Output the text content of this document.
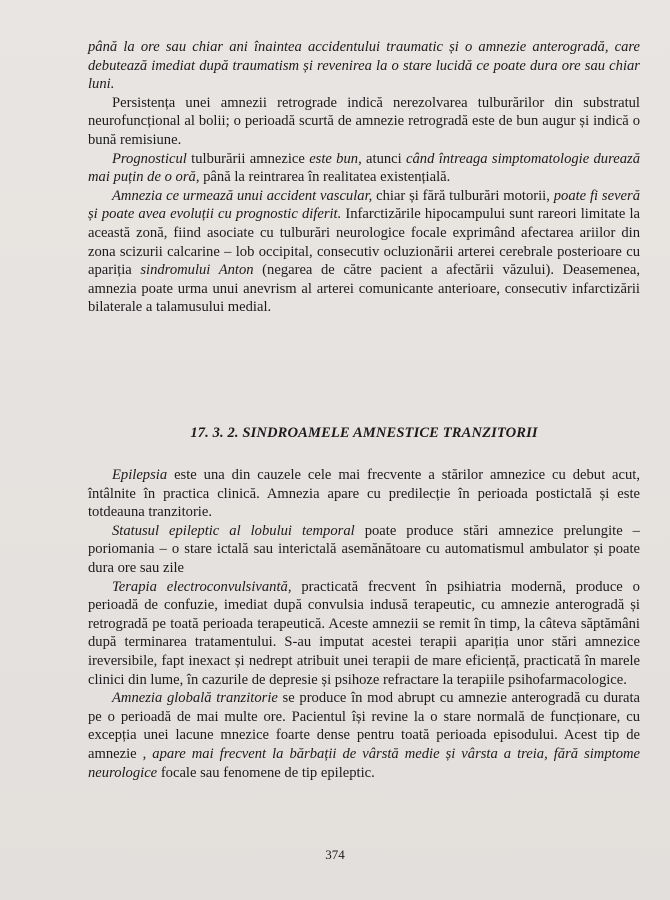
până la ore sau chiar ani înaintea accidentului traumatic și o amnezie anterogradă, care debutează imediat după traumatism și revenirea la o stare lucidă ce poate dura ore sau chiar luni.

Persistența unei amnezii retrograde indică nerezolvarea tulburărilor din substratul neurofuncțional al bolii; o perioadă scurtă de amnezie retrogradă este de bun augur și indică o bună remisiune.

Prognosticul tulburării amnezice este bun, atunci când întreaga simptomatologie durează mai puțin de o oră, până la reintrarea în realitatea existențială.

Amnezia ce urmează unui accident vascular, chiar și fără tulburări motorii, poate fi severă și poate avea evoluții cu prognostic diferit. Infarctizările hipocampului sunt rareori limitate la această zonă, fiind asociate cu tulburări neurologice focale exprimând afectarea ariilor din zona scizurii calcarine – lob occipital, consecutiv ocluzionării arterei cerebrale posterioare cu apariția sindromului Anton (negarea de către pacient a afectării văzului). Deasemenea, amnezia poate urma unui anevrism al arterei comunicante anterioare, consecutiv infarctizării bilaterale a talamusului medial.

17. 3. 2. SINDROAMELE AMNESTICE TRANZITORII

Epilepsia este una din cauzele cele mai frecvente a stărilor amnezice cu debut acut, întâlnite în practica clinică. Amnezia apare cu predilecție în perioada postictală și este totdeauna tranzitorie.

Statusul epileptic al lobului temporal poate produce stări amnezice prelungite – poriomania – o stare ictală sau interictală asemănătoare cu automatismul ambulator și poate dura ore sau zile

Terapia electroconvulsivantă, practicată frecvent în psihiatria modernă, produce o perioadă de confuzie, imediat după convulsia indusă terapeutic, cu amnezie anterogradă și retrogradă pe toată perioada terapeutică. Aceste amnezii se remit în timp, la câteva săptămâni după terminarea tratamentului. S-au imputat acestei terapii apariția unor stări amnezice ireversibile, fapt inexact și nedrept atribuit unei terapii de mare eficiență, practicată în marele clinici din lume, în cazurile de depresie și psihoze refractare la terapiile psihofarmacologice.

Amnezia globală tranzitorie se produce în mod abrupt cu amnezie anterogradă cu durata pe o perioadă de mai multe ore. Pacientul își revine la o stare normală de funcționare, cu excepția unei lacune mnezice foarte dense pentru toată perioada episodului. Acest tip de amnezie , apare mai frecvent la bărbații de vârstă medie și vârsta a treia, fără simptome neurologice focale sau fenomene de tip epileptic.

374
